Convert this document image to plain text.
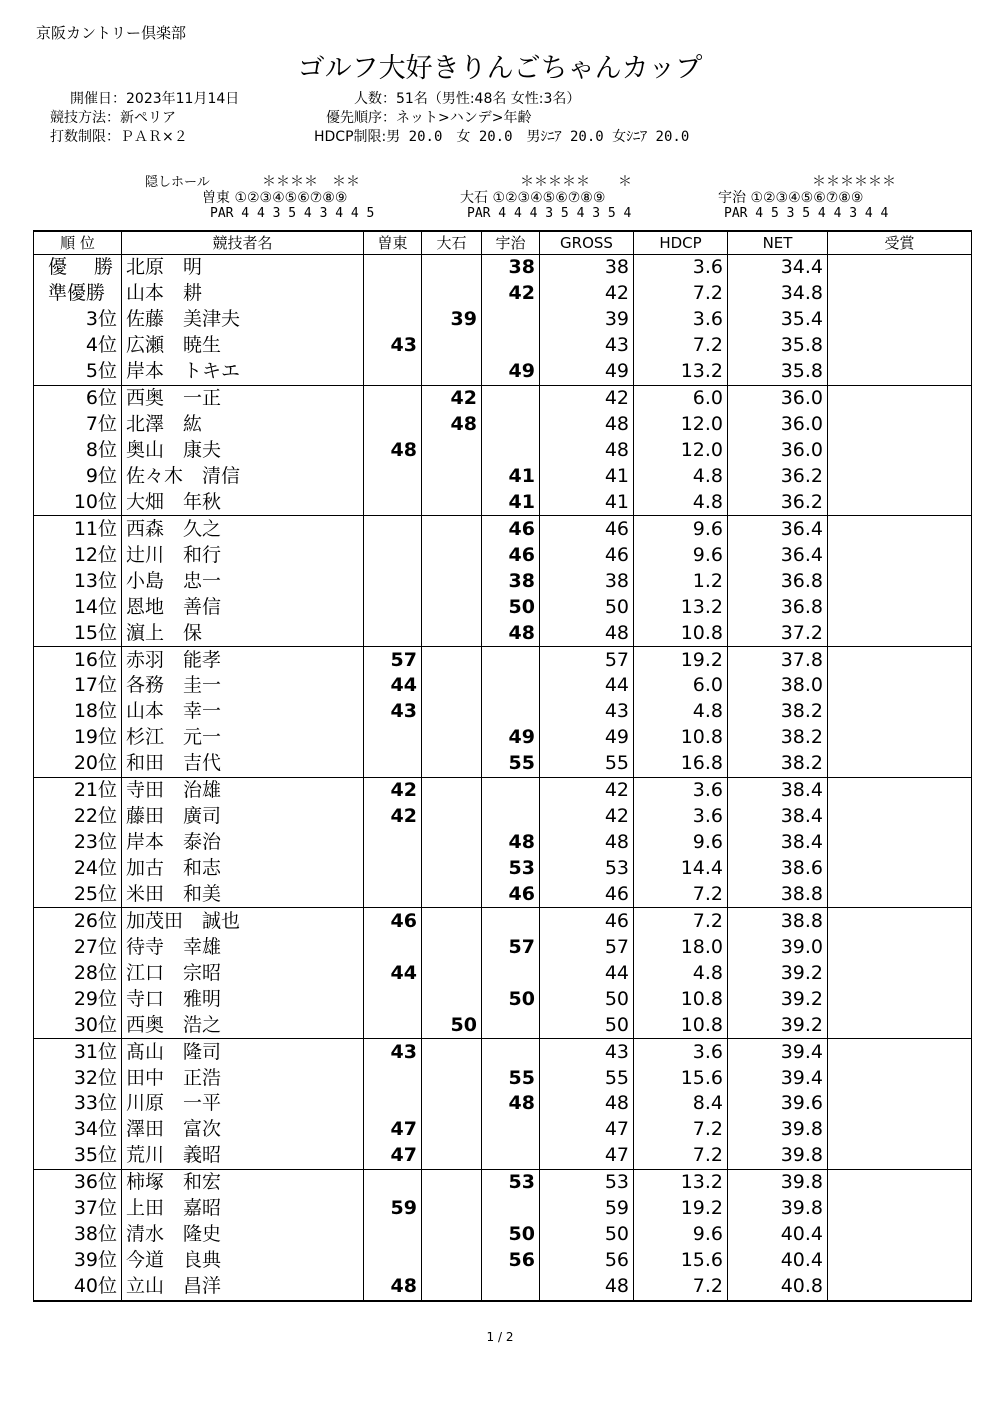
京阪カントリー倶楽部
ゴルフ大好きりんごちゃんカップ
開催日：2023年11月14日
競技方法：新ペリア
打数制限：ＰＡＲ×２
人数：51名（男性:48名 女性:3名）
優先順序：ネット>ハンデ>年齢
HDCP制限:男 20.0　女 20.0　男ｼﾆｱ 20.0 女ｼﾆｱ 20.0
隠しホール	＊＊＊＊　＊＊
曽東 ①②③④⑤⑥⑦⑧⑨
PAR 4 4 3 5 4 3 4 4 5
＊＊＊＊＊　　＊
大石 ①②③④⑤⑥⑦⑧⑨
PAR 4 4 4 3 5 4 3 5 4
＊＊＊＊＊＊
宇治 ①②③④⑤⑥⑦⑧⑨
PAR 4 5 3 5 4 4 3 4 4
順 位	競技者名	曽東	大石	宇治	GROSS	HDCP	NET	受賞
優　勝	北原　明			38	38	3.6	34.4	
準優勝	山本　耕			42	42	7.2	34.8	
3位	佐藤　美津夫		39		39	3.6	35.4	
4位	広瀬　暁生	43			43	7.2	35.8	
5位	岸本　トキエ			49	49	13.2	35.8	
6位	西奥　一正		42		42	6.0	36.0	
7位	北澤　紘		48		48	12.0	36.0	
8位	奥山　康夫	48			48	12.0	36.0	
9位	佐々木　清信			41	41	4.8	36.2	
10位	大畑　年秋			41	41	4.8	36.2	
11位	西森　久之			46	46	9.6	36.4	
12位	辻川　和行			46	46	9.6	36.4	
13位	小島　忠一			38	38	1.2	36.8	
14位	恩地　善信			50	50	13.2	36.8	
15位	濵上　保			48	48	10.8	37.2	
16位	赤羽　能孝	57			57	19.2	37.8	
17位	各務　圭一	44			44	6.0	38.0	
18位	山本　幸一	43			43	4.8	38.2	
19位	杉江　元一			49	49	10.8	38.2	
20位	和田　吉代			55	55	16.8	38.2	
21位	寺田　治雄	42			42	3.6	38.4	
22位	藤田　廣司	42			42	3.6	38.4	
23位	岸本　泰治			48	48	9.6	38.4	
24位	加古　和志			53	53	14.4	38.6	
25位	米田　和美			46	46	7.2	38.8	
26位	加茂田　誠也	46			46	7.2	38.8	
27位	待寺　幸雄			57	57	18.0	39.0	
28位	江口　宗昭	44			44	4.8	39.2	
29位	寺口　雅明			50	50	10.8	39.2	
30位	西奥　浩之		50		50	10.8	39.2	
31位	髙山　隆司	43			43	3.6	39.4	
32位	田中　正浩			55	55	15.6	39.4	
33位	川原　一平			48	48	8.4	39.6	
34位	澤田　富次	47			47	7.2	39.8	
35位	荒川　義昭	47			47	7.2	39.8	
36位	柿塚　和宏			53	53	13.2	39.8	
37位	上田　嘉昭	59			59	19.2	39.8	
38位	清水　隆史			50	50	9.6	40.4	
39位	今道　良典			56	56	15.6	40.4	
40位	立山　昌洋	48			48	7.2	40.8	
1 / 2
